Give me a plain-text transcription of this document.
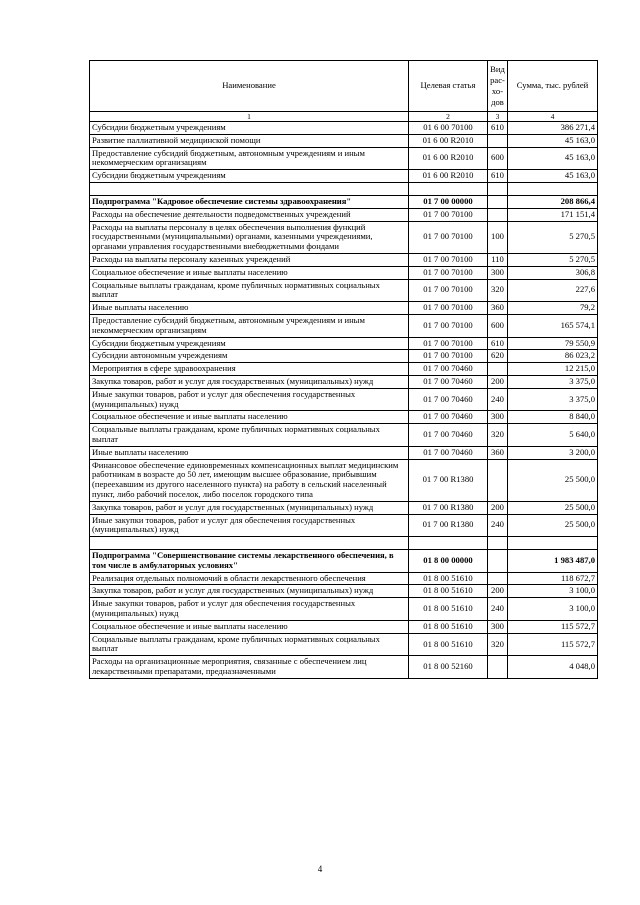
Наименование	Целевая статья	Вид рас- хо- дов	Сумма, тыс. рублей
1	2	3	4
Субсидии бюджетным учреждениям	01 6 00 70100	610	386 271,4
Развитие паллиативной медицинской помощи	01 6 00 R2010		45 163,0
Предоставление субсидий бюджетным, автономным учреждениям и иным некоммерческим организациям	01 6 00 R2010	600	45 163,0
Субсидии бюджетным учреждениям	01 6 00 R2010	610	45 163,0

Подпрограмма "Кадровое обеспечение системы здравоохранения"	01 7 00 00000		208 866,4
Расходы на обеспечение деятельности подведомственных учреждений	01 7 00 70100		171 151,4
Расходы на выплаты персоналу в целях обеспечения выполнения функций государственными (муниципальными) органами, казенными учреждениями, органами управления государственными внебюджетными фондами	01 7 00 70100	100	5 270,5
Расходы на выплаты персоналу казенных учреждений	01 7 00 70100	110	5 270,5
Социальное обеспечение и иные выплаты населению	01 7 00 70100	300	306,8
Социальные выплаты гражданам, кроме публичных нормативных социальных выплат	01 7 00 70100	320	227,6
Иные выплаты населению	01 7 00 70100	360	79,2
Предоставление субсидий бюджетным, автономным учреждениям и иным некоммерческим организациям	01 7 00 70100	600	165 574,1
Субсидии бюджетным учреждениям	01 7 00 70100	610	79 550,9
Субсидии автономным учреждениям	01 7 00 70100	620	86 023,2
Мероприятия в сфере здравоохранения	01 7 00 70460		12 215,0
Закупка товаров, работ и услуг для государственных (муниципальных) нужд	01 7 00 70460	200	3 375,0
Иные закупки товаров, работ и услуг для обеспечения государственных (муниципальных) нужд	01 7 00 70460	240	3 375,0
Социальное обеспечение и иные выплаты населению	01 7 00 70460	300	8 840,0
Социальные выплаты гражданам, кроме публичных нормативных социальных выплат	01 7 00 70460	320	5 640,0
Иные выплаты населению	01 7 00 70460	360	3 200,0
Финансовое обеспечение единовременных компенсационных выплат медицинским работникам в возрасте до 50 лет, имеющим высшее образование, прибывшим (переехавшим из другого населенного пункта) на работу в сельский населенный пункт, либо рабочий поселок, либо поселок городского типа	01 7 00 R1380		25 500,0
Закупка товаров, работ и услуг для государственных (муниципальных) нужд	01 7 00 R1380	200	25 500,0
Иные закупки товаров, работ и услуг для обеспечения государственных (муниципальных) нужд	01 7 00 R1380	240	25 500,0

Подпрограмма "Совершенствование системы лекарственного обеспечения, в том числе в амбулаторных условиях"	01 8 00 00000		1 983 487,0
Реализация отдельных полномочий в области лекарственного обеспечения	01 8 00 51610		118 672,7
Закупка товаров, работ и услуг для государственных (муниципальных) нужд	01 8 00 51610	200	3 100,0
Иные закупки товаров, работ и услуг для обеспечения государственных (муниципальных) нужд	01 8 00 51610	240	3 100,0
Социальное обеспечение и иные выплаты населению	01 8 00 51610	300	115 572,7
Социальные выплаты гражданам, кроме публичных нормативных социальных выплат	01 8 00 51610	320	115 572,7
Расходы на организационные мероприятия, связанные с обеспечением лиц лекарственными препаратами, предназначенными	01 8 00 52160		4 048,0
4
